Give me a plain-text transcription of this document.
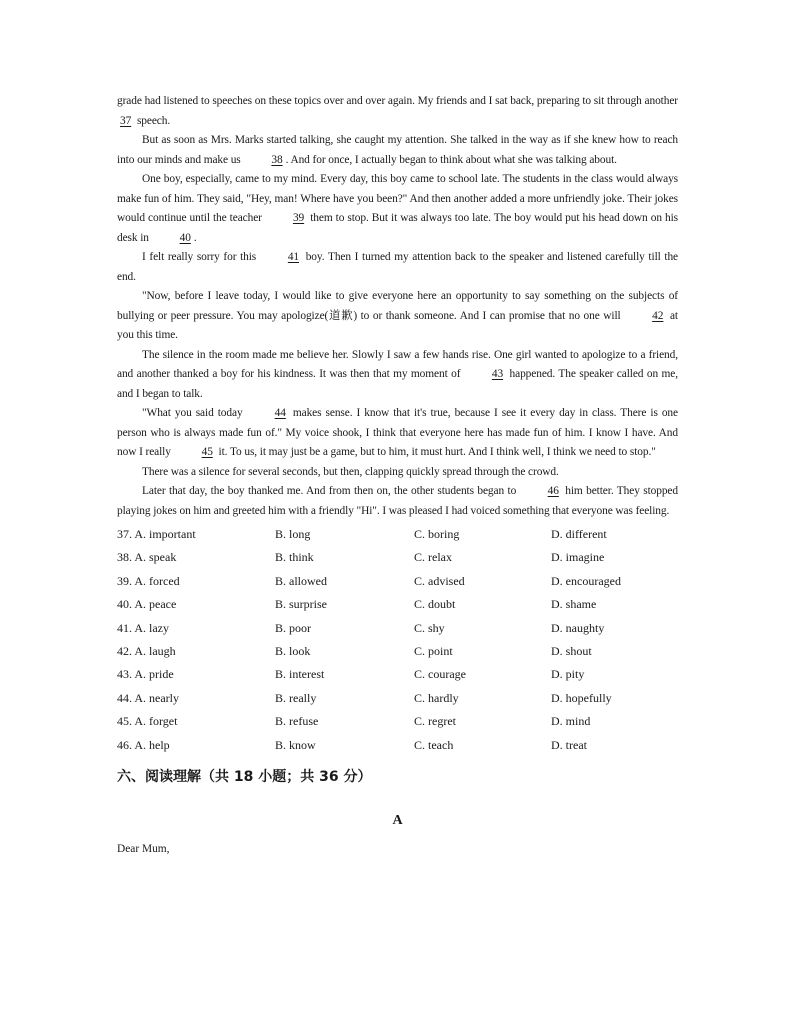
grade had listened to speeches on these topics over and over again. My friends and I sat back, preparing to sit through another 37 speech.

But as soon as Mrs. Marks started talking, she caught my attention. She talked in the way as if she knew how to reach into our minds and make us 38 . And for once, I actually began to think about what she was talking about.

One boy, especially, came to my mind. Every day, this boy came to school late. The students in the class would always make fun of him. They said, "Hey, man! Where have you been?" And then another added a more unfriendly joke. Their jokes would continue until the teacher 39 them to stop. But it was always too late. The boy would put his head down on his desk in 40 .

I felt really sorry for this 41 boy. Then I turned my attention back to the speaker and listened carefully till the end.

"Now, before I leave today, I would like to give everyone here an opportunity to say something on the subjects of bullying or peer pressure. You may apologize(道歉) to or thank someone. And I can promise that no one will 42 at you this time.

The silence in the room made me believe her. Slowly I saw a few hands rise. One girl wanted to apologize to a friend, and another thanked a boy for his kindness. It was then that my moment of 43 happened. The speaker called on me, and I began to talk.

"What you said today 44 makes sense. I know that it's true, because I see it every day in class. There is one person who is always made fun of." My voice shook, I think that everyone here has made fun of him. I know I have. And now I really 45 it. To us, it may just be a game, but to him, it must hurt. And I think well, I think we need to stop."

There was a silence for several seconds, but then, clapping quickly spread through the crowd.

Later that day, the boy thanked me. And from then on, the other students began to 46 him better. They stopped playing jokes on him and greeted him with a friendly "Hi". I was pleased I had voiced something that everyone was feeling.

37. A. important	B. long	C. boring	D. different
38. A. speak	B. think	C. relax	D. imagine
39. A. forced	B. allowed	C. advised	D. encouraged
40. A. peace	B. surprise	C. doubt	D. shame
41. A. lazy	B. poor	C. shy	D. naughty
42. A. laugh	B. look	C. point	D. shout
43. A. pride	B. interest	C. courage	D. pity
44. A. nearly	B. really	C. hardly	D. hopefully
45. A. forget	B. refuse	C. regret	D. mind
46. A. help	B. know	C. teach	D. treat
六、阅读理解（共 18 小题；共 36 分）
A
Dear Mum,
